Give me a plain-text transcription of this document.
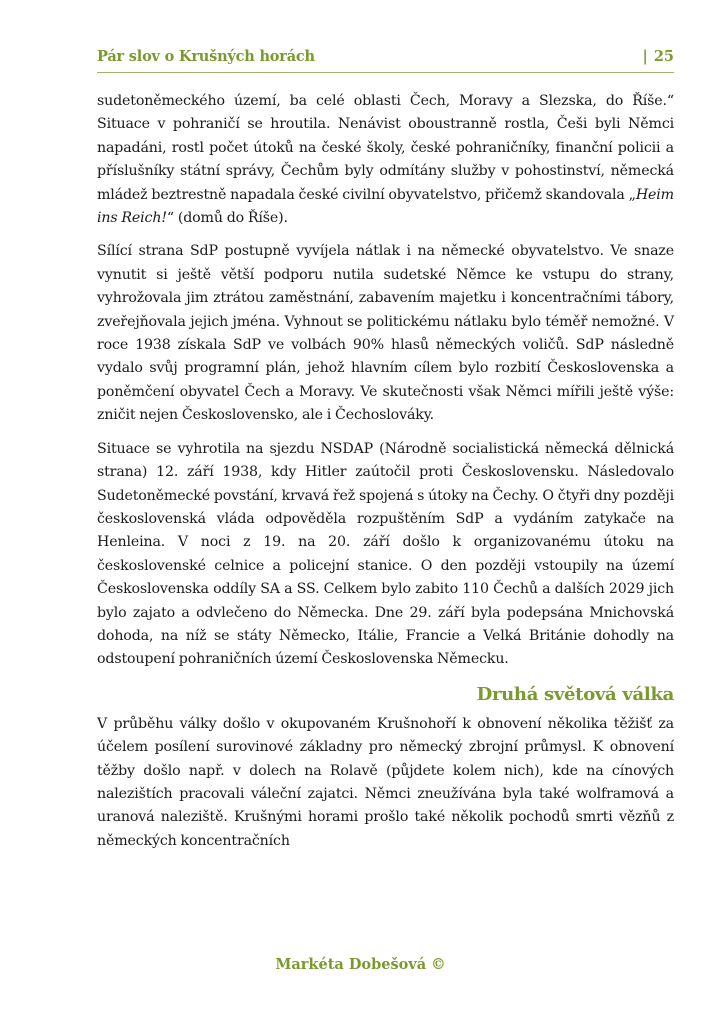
Pár slov o Krušných horách	| 25

sudetoněmeckého území, ba celé oblasti Čech, Moravy a Slezska, do Říše.“ Situace v pohraničí se hroutila. Nenávist oboustranně rostla, Češi byli Němci napadáni, rostl počet útoků na české školy, české pohraničníky, finanční policii a příslušníky státní správy, Čechům byly odmítány služby v pohostinství, německá mládež beztrestně napadala české civilní obyvatelstvo, přičemž skandovala „Heim ins Reich!“ (domů do Říše).

Sílící strana SdP postupně vyvíjela nátlak i na německé obyvatelstvo. Ve snaze vynutit si ještě větší podporu nutila sudetské Němce ke vstupu do strany, vyhrožovala jim ztrátou zaměstnání, zabavením majetku i koncentračními tábory, zveřejňovala jejich jména. Vyhnout se politickému nátlaku bylo téměř nemožné. V roce 1938 získala SdP ve volbách 90% hlasů německých voličů. SdP následně vydalo svůj programní plán, jehož hlavním cílem bylo rozbití Československa a poněmčení obyvatel Čech a Moravy. Ve skutečnosti však Němci mířili ještě výše: zničit nejen Československo, ale i Čechoslováky.

Situace se vyhrotila na sjezdu NSDAP (Národně socialistická německá dělnická strana) 12. září 1938, kdy Hitler zaútočil proti Československu. Následovalo Sudetoněmecké povstání, krvavá řež spojená s útoky na Čechy. O čtyři dny později československá vláda odpověděla rozpuštěním SdP a vydáním zatykače na Henleina. V noci z 19. na 20. září došlo k organizovanému útoku na československé celnice a policejní stanice. O den později vstoupily na území Československa oddíly SA a SS. Celkem bylo zabito 110 Čechů a dalších 2029 jich bylo zajato a odvlečeno do Německa. Dne 29. září byla podepsána Mnichovská dohoda, na níž se státy Německo, Itálie, Francie a Velká Británie dohodly na odstoupení pohraničních území Československa Německu.

Druhá světová válka

V průběhu války došlo v okupovaném Krušnohoří k obnovení několika těžišť za účelem posílení surovinové základny pro německý zbrojní průmysl. K obnovení těžby došlo např. v dolech na Rolavě (půjdete kolem nich), kde na cínových nalezištích pracovali váleční zajatci. Němci zneužívána byla také wolframová a uranová naleziště. Krušnými horami prošlo také několik pochodů smrti vězňů z německých koncentračních

Markéta Dobešová ©
